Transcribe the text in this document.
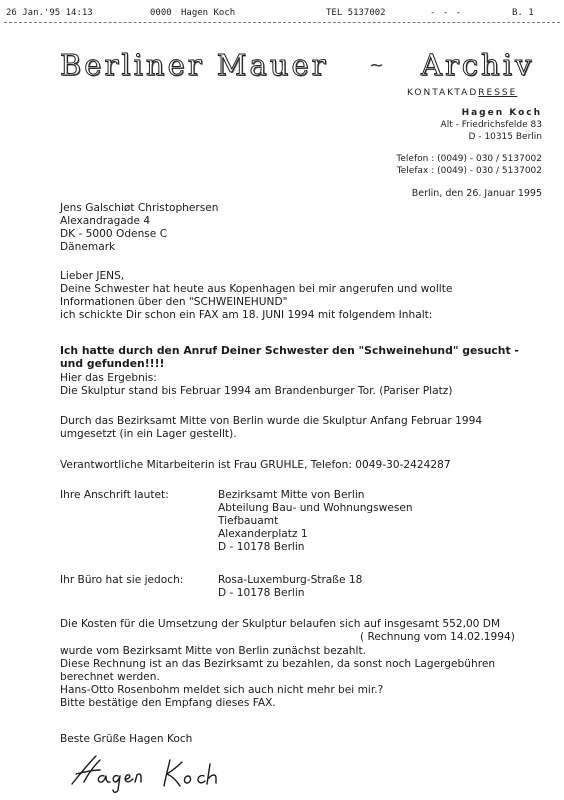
26 Jan.'95 14:13	0000 Hagen Koch	TEL 5137002	- - -	B. 1
Berliner Mauer ~ Archiv
KONTAKTADRESSE
Hagen Koch
Alt - Friedrichsfelde 83
D - 10315 Berlin
Telefon : (0049) - 030 / 5137002
Telefax : (0049) - 030 / 5137002
Berlin, den 26. Januar 1995
Jens Galschiøt Christophersen
Alexandragade 4
DK - 5000 Odense C
Dänemark
Lieber JENS,
Deine Schwester hat heute aus Kopenhagen bei mir angerufen und wollte
Informationen über den "SCHWEINEHUND"
ich schickte Dir schon ein FAX am 18. JUNI 1994 mit folgendem Inhalt:
Ich hatte durch den Anruf Deiner Schwester den "Schweinehund" gesucht -
und gefunden!!!!
Hier das Ergebnis:
Die Skulptur stand bis Februar 1994 am Brandenburger Tor. (Pariser Platz)
Durch das Bezirksamt Mitte von Berlin wurde die Skulptur Anfang Februar 1994
umgesetzt (in ein Lager gestellt).
Verantwortliche Mitarbeiterin ist Frau GRUHLE, Telefon: 0049-30-2424287
Ihre Anschrift lautet:	Bezirksamt Mitte von Berlin
Abteilung Bau- und Wohnungswesen
Tiefbauamt
Alexanderplatz 1
D - 10178 Berlin
Ihr Büro hat sie jedoch:	Rosa-Luxemburg-Straße 18
D - 10178 Berlin
Die Kosten für die Umsetzung der Skulptur belaufen sich auf insgesamt 552,00 DM
( Rechnung vom 14.02.1994)
wurde vom Bezirksamt Mitte von Berlin zunächst bezahlt.
Diese Rechnung ist an das Bezirksamt zu bezahlen, da sonst noch Lagergebühren
berechnet werden.
Hans-Otto Rosenbohm meldet sich auch nicht mehr bei mir.?
Bitte bestätige den Empfang dieses FAX.
Beste Grüße Hagen Koch
